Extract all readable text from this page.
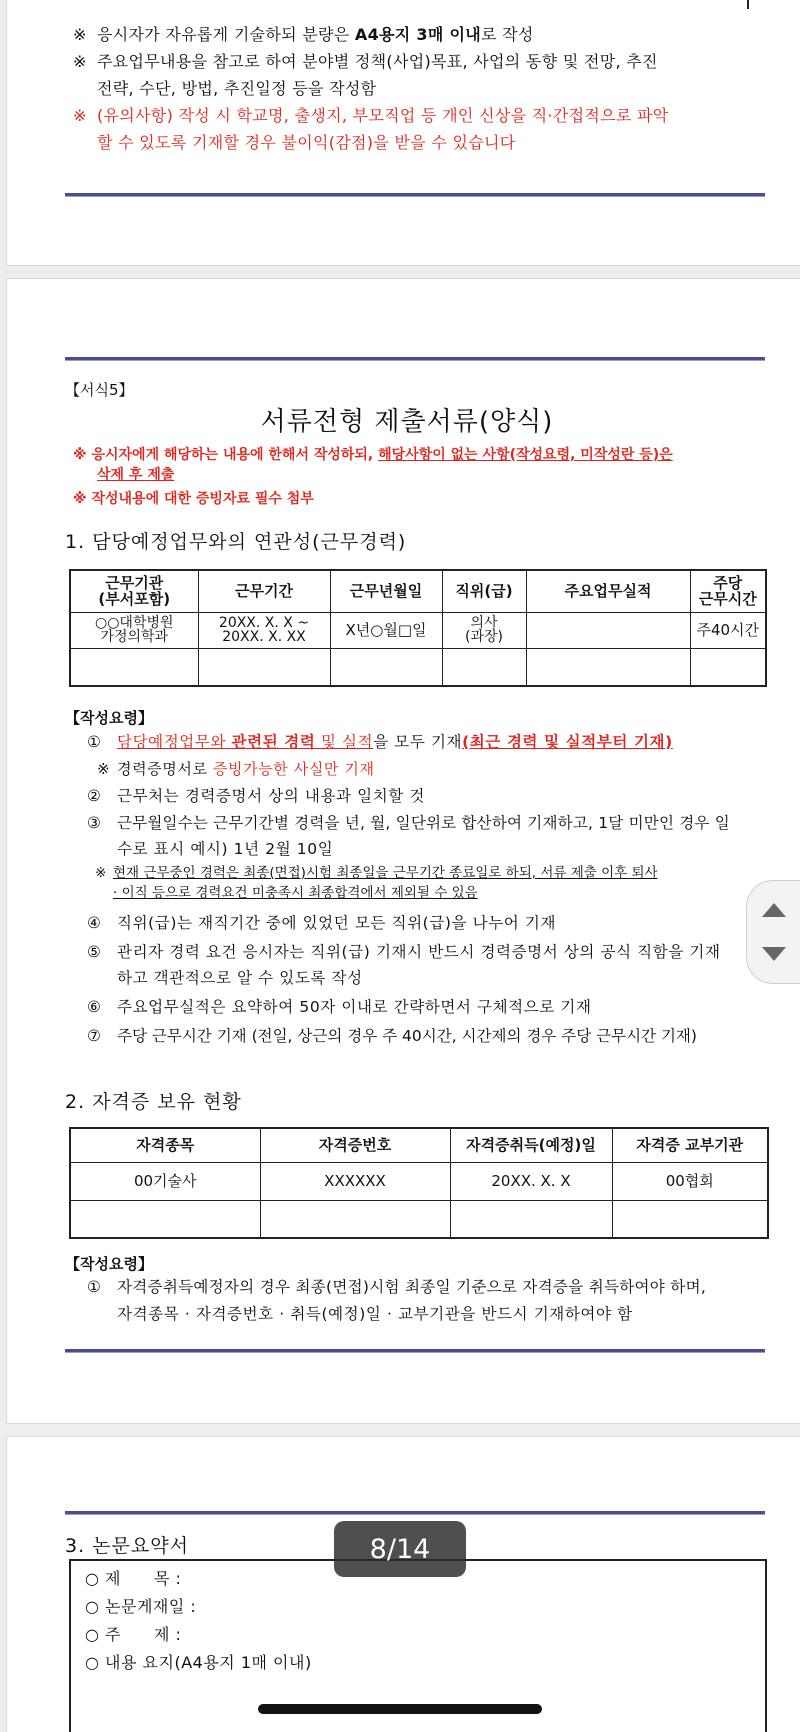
※ 응시자가 자유롭게 기술하되 분량은 A4용지 3매 이내로 작성
※ 주요업무내용을 참고로 하여 분야별 정책(사업)목표, 사업의 동향 및 전망, 추진
전략, 수단, 방법, 추진일정 등을 작성함
※ (유의사항) 작성 시 학교명, 출생지, 부모직업 등 개인 신상을 직·간접적으로 파악
할 수 있도록 기재할 경우 불이익(감점)을 받을 수 있습니다
【서식5】
서류전형 제출서류(양식)
※ 응시자에게 해당하는 내용에 한해서 작성하되, 해당사항이 없는 사항(작성요령, 미작성란 등)은
삭제 후 제출
※ 작성내용에 대한 증빙자료 필수 첨부
1. 담당예정업무와의 연관성(근무경력)
근무기관
(부서포함)	근무기간	근무년월일	직위(급)	주요업무실적	주당
근무시간
○○대학병원
가정의학과	20XX. X. X ~
20XX. X. XX	X년○월□일	의사
(과장)		주40시간

【작성요령】
① 담당예정업무와 관련된 경력 및 실적을 모두 기재(최근 경력 및 실적부터 기재)
※ 경력증명서로 증빙가능한 사실만 기재
② 근무처는 경력증명서 상의 내용과 일치할 것
③ 근무월일수는 근무기간별 경력을 년, 월, 일단위로 합산하여 기재하고, 1달 미만인 경우 일
수로 표시 예시) 1년 2월 10일
※ 현재 근무중인 경력은 최종(면접)시험 최종일을 근무기간 종료일로 하되, 서류 제출 이후 퇴사
· 이직 등으로 경력요건 미충족시 최종합격에서 제외될 수 있음
④ 직위(급)는 재직기간 중에 있었던 모든 직위(급)을 나누어 기재
⑤ 관리자 경력 요건 응시자는 직위(급) 기재시 반드시 경력증명서 상의 공식 직함을 기재
하고 객관적으로 알 수 있도록 작성
⑥ 주요업무실적은 요약하여 50자 이내로 간략하면서 구체적으로 기재
⑦ 주당 근무시간 기재 (전일, 상근의 경우 주 40시간, 시간제의 경우 주당 근무시간 기재)
2. 자격증 보유 현황
자격종목	자격증번호	자격증취득(예정)일	자격증 교부기관
00기술사	XXXXXX	20XX. X. X	00협회

【작성요령】
① 자격증취득예정자의 경우 최종(면접)시험 최종일 기준으로 자격증을 취득하여야 하며,
자격종목 · 자격증번호 · 취득(예정)일 · 교부기관을 반드시 기재하여야 함
3. 논문요약서
○ 제　　목 :
○ 논문게재일 :
○ 주　　제 :
○ 내용 요지(A4용지 1매 이내)
8/14
